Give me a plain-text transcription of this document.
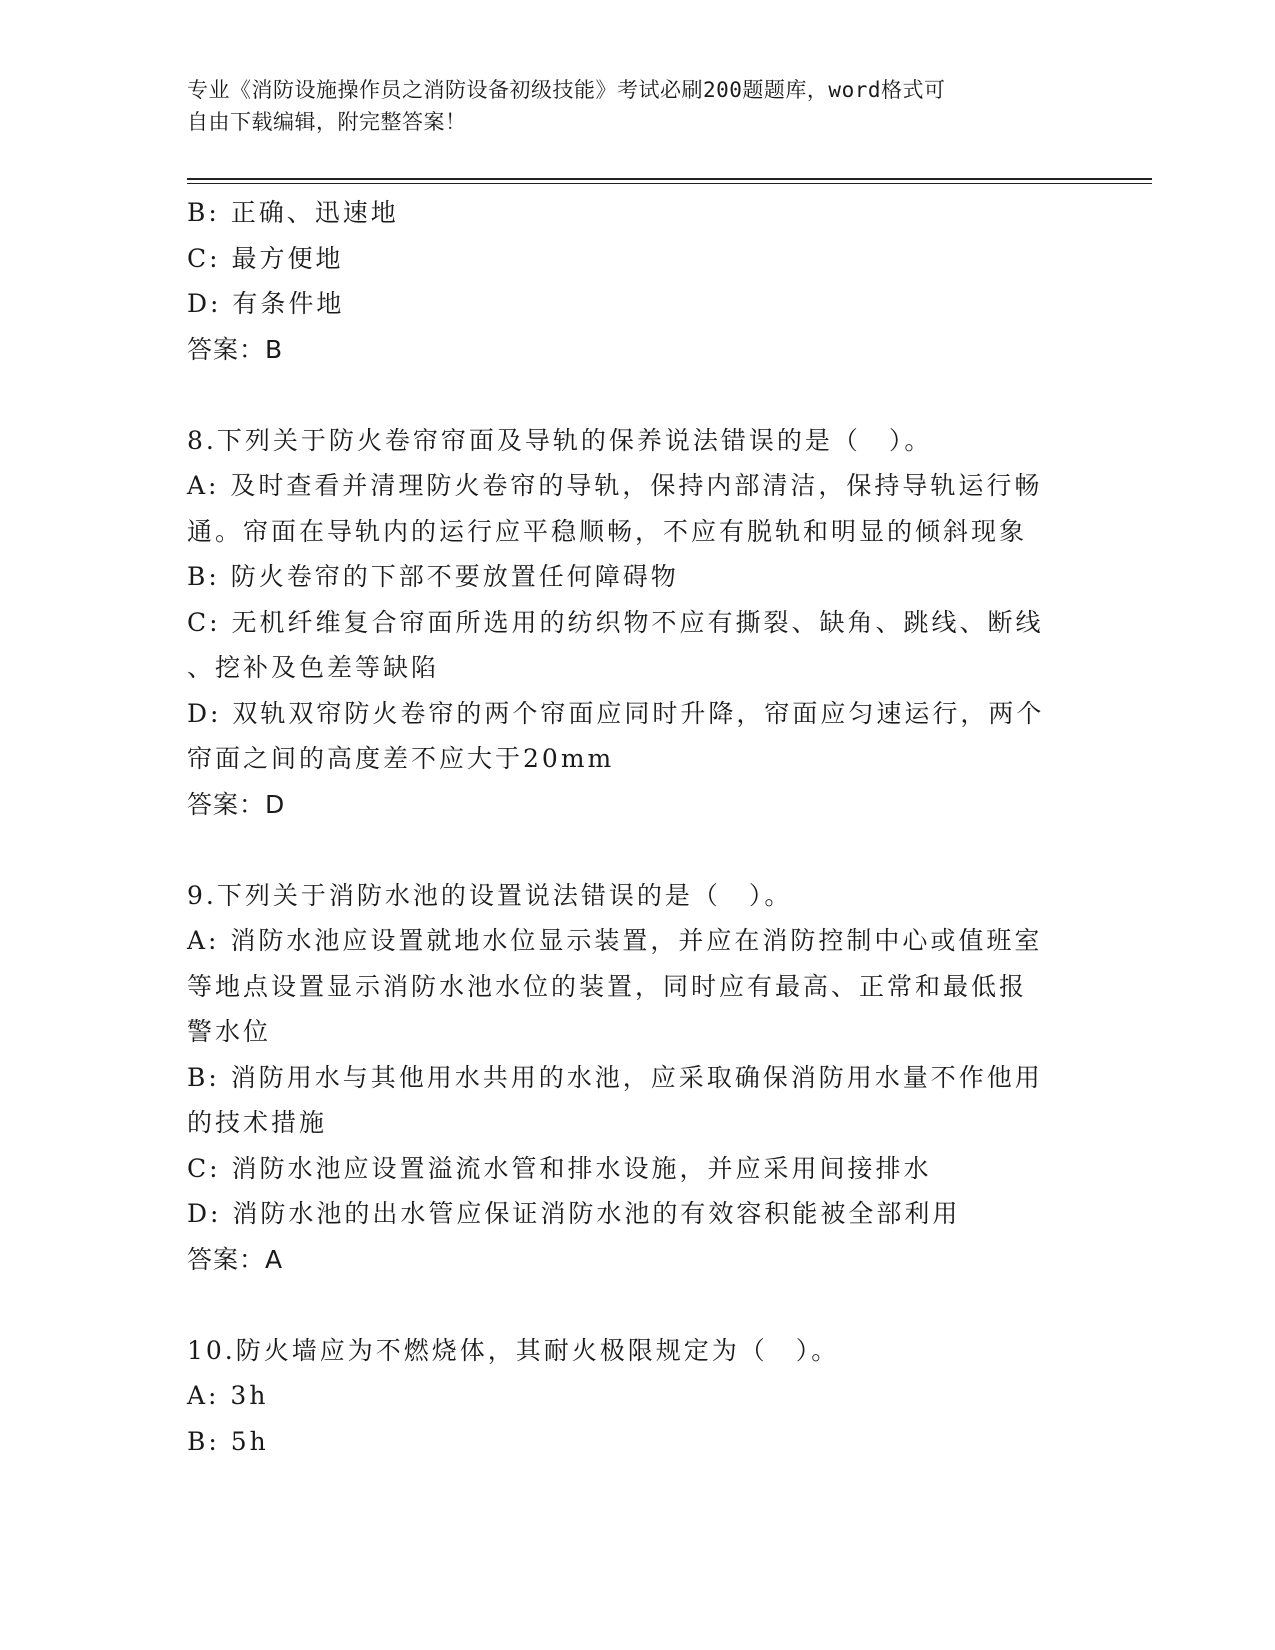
专业《消防设施操作员之消防设备初级技能》考试必刷200题题库，word格式可
自由下载编辑，附完整答案！
B: 正确、迅速地
C: 最方便地
D: 有条件地
答案：B
8.下列关于防火卷帘帘面及导轨的保养说法错误的是（　）。
A: 及时查看并清理防火卷帘的导轨，保持内部清洁，保持导轨运行畅
通。帘面在导轨内的运行应平稳顺畅，不应有脱轨和明显的倾斜现象
B: 防火卷帘的下部不要放置任何障碍物
C: 无机纤维复合帘面所选用的纺织物不应有撕裂、缺角、跳线、断线
、挖补及色差等缺陷
D: 双轨双帘防火卷帘的两个帘面应同时升降，帘面应匀速运行，两个
帘面之间的高度差不应大于20mm
答案：D
9.下列关于消防水池的设置说法错误的是（　）。
A: 消防水池应设置就地水位显示装置，并应在消防控制中心或值班室
等地点设置显示消防水池水位的装置，同时应有最高、正常和最低报
警水位
B: 消防用水与其他用水共用的水池，应采取确保消防用水量不作他用
的技术措施
C: 消防水池应设置溢流水管和排水设施，并应采用间接排水
D: 消防水池的出水管应保证消防水池的有效容积能被全部利用
答案：A
10.防火墙应为不燃烧体，其耐火极限规定为（　）。
A: 3h
B: 5h
